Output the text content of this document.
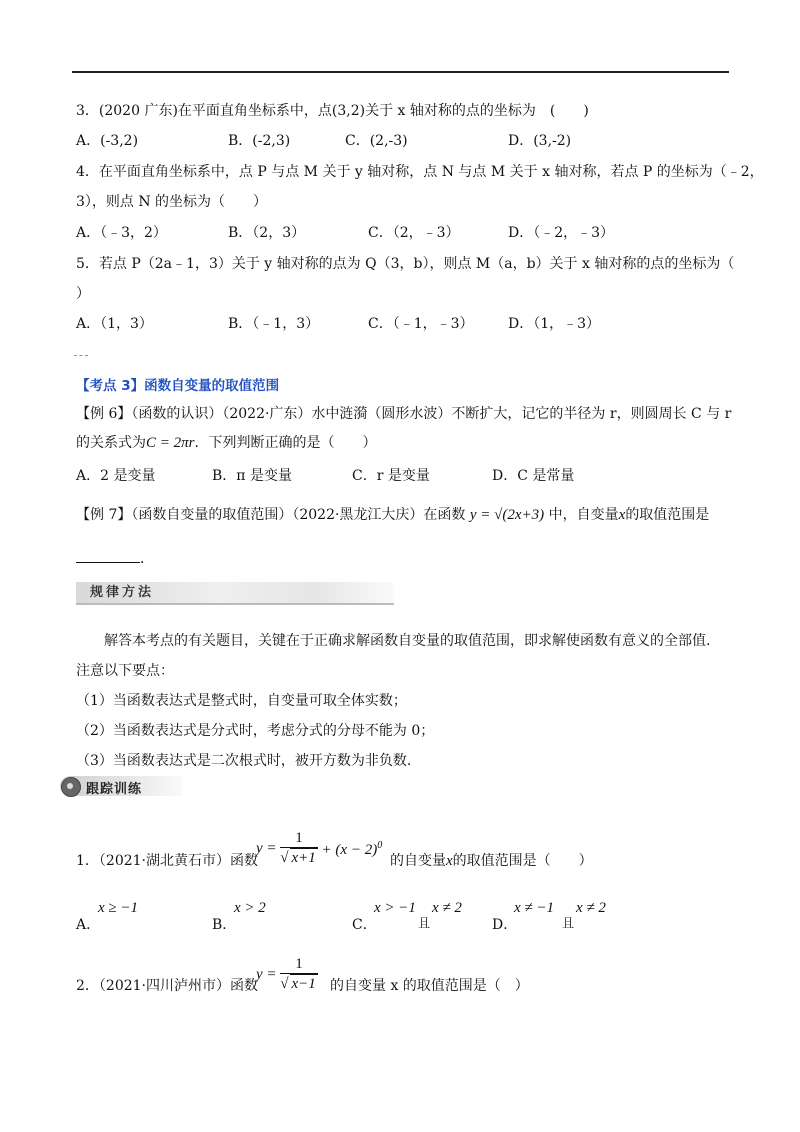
3．(2020 广东)在平面直角坐标系中，点(3,2)关于 x 轴对称的点的坐标为　(　　)
A．(-3,2)	B．(-2,3)	C．(2,-3)	D．(3,-2)
4．在平面直角坐标系中，点 P 与点 M 关于 y 轴对称，点 N 与点 M 关于 x 轴对称，若点 P 的坐标为（﹣2，
3），则点 N 的坐标为（　　）
A．（﹣3，2）	B．（2，3）	C．（2，﹣3）	D．（﹣2，﹣3）
5．若点 P（2a﹣1，3）关于 y 轴对称的点为 Q（3，b），则点 M（a，b）关于 x 轴对称的点的坐标为（
）
A．（1，3）	B．（﹣1，3）	C．（﹣1，﹣3） D．（1，﹣3）
【考点 3】函数自变量的取值范围
【例 6】（函数的认识）（2022·广东）水中涟漪（圆形水波）不断扩大，记它的半径为 r，则圆周长 C 与 r
的关系式为C = 2πr．下列判断正确的是（　　）
A．2 是变量	B．π 是变量	C．r 是变量	D．C 是常量
【例 7】（函数自变量的取值范围）（2022·黑龙江大庆）在函数 y = √(2x+3) 中，自变量x的取值范围是
．
规律方法
解答本考点的有关题目，关键在于正确求解函数自变量的取值范围，即求解使函数有意义的全部值.
注意以下要点：
（1）当函数表达式是整式时，自变量可取全体实数；
（2）当函数表达式是分式时，考虑分式的分母不能为 0；
（3）当函数表达式是二次根式时，被开方数为非负数.
跟踪训练
1．（2021·湖北黄石市）函数
$y = \frac{1}{√ x+1} + (x - 2)^0$
的自变量x的取值范围是（　　）
A．
x ≥ −1
B．
x > 2
C．
x > −1
且
x ≠ 2
D．
x ≠ −1
且
x ≠ 2
2．（2021·四川泸州市）函数
$y = \frac{1}{√ x-1}$ 的自变量 x 的取值范围是（　）
